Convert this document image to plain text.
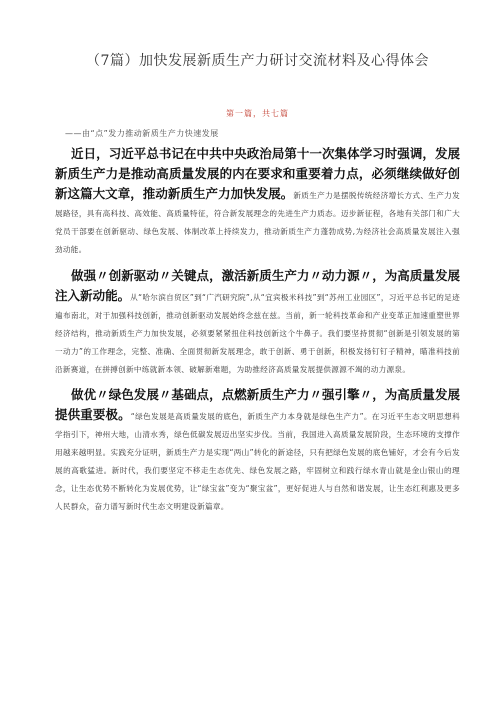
（7篇）加快发展新质生产力研讨交流材料及心得体会
第一篇，共七篇
——由“点”发力推动新质生产力快速发展

近日，习近平总书记在中共中央政治局第十一次集体学习时强调，发展新质生产力是推动高质量发展的内在要求和重要着力点，必须继续做好创新这篇大文章，推动新质生产力加快发展。新质生产力是摆脱传统经济增长方式、生产力发展路径，具有高科技、高效能、高质量特征，符合新发展理念的先进生产力质态。迈步新征程，各地有关部门和广大党员干部要在创新驱动、绿色发展、体制改革上持续发力，推动新质生产力蓬勃成势,为经济社会高质量发展注入强劲动能。

做强〃创新驱动〃关键点，激活新质生产力〃动力源〃，为高质量发展注入新动能。从“哈尔滨自贸区”到“广汽研究院”,从“宜宾极米科技”到“苏州工业园区”，习近平总书记的足迹遍布南北，对于加强科技创新，推动创新驱动发展始终念兹在兹。当前，新一轮科技革命和产业变革正加速重塑世界经济结构，推动新质生产力加快发展，必须要紧紧扭住科技创新这个牛鼻子。我们要坚持贯彻“创新是引领发展的第一动力”的工作理念，完整、准确、全面贯彻新发展理念，敢于创新、勇于创新，积极发扬钉钉子精神，瞄准科技前沿新赛道，在拼搏创新中练就新本领、破解新难题，为助推经济高质量发展提供源源不竭的动力源泉。

做优〃绿色发展〃基础点，点燃新质生产力〃强引擎〃，为高质量发展提供重要极。“绿色发展是高质量发展的底色，新质生产力本身就是绿色生产力”。在习近平生态文明思想科学指引下，神州大地，山清水秀，绿色低碳发展迈出坚实步伐。当前，我国进入高质量发展阶段，生态环境的支撑作用越来越明显。实践充分证明，新质生产力是实现“两山”转化的新途径，只有把绿色发展的底色铺好，才会有今后发展的高歌猛进。新时代，我们要坚定不移走生态优先、绿色发展之路，牢固树立和践行绿水青山就是金山银山的理念，让生态优势不断转化为发展优势，让“绿宝盆”变为“聚宝盆”，更好促进人与自然和谐发展，让生态红利惠及更多人民群众，奋力谱写新时代生态文明建设新篇章。
